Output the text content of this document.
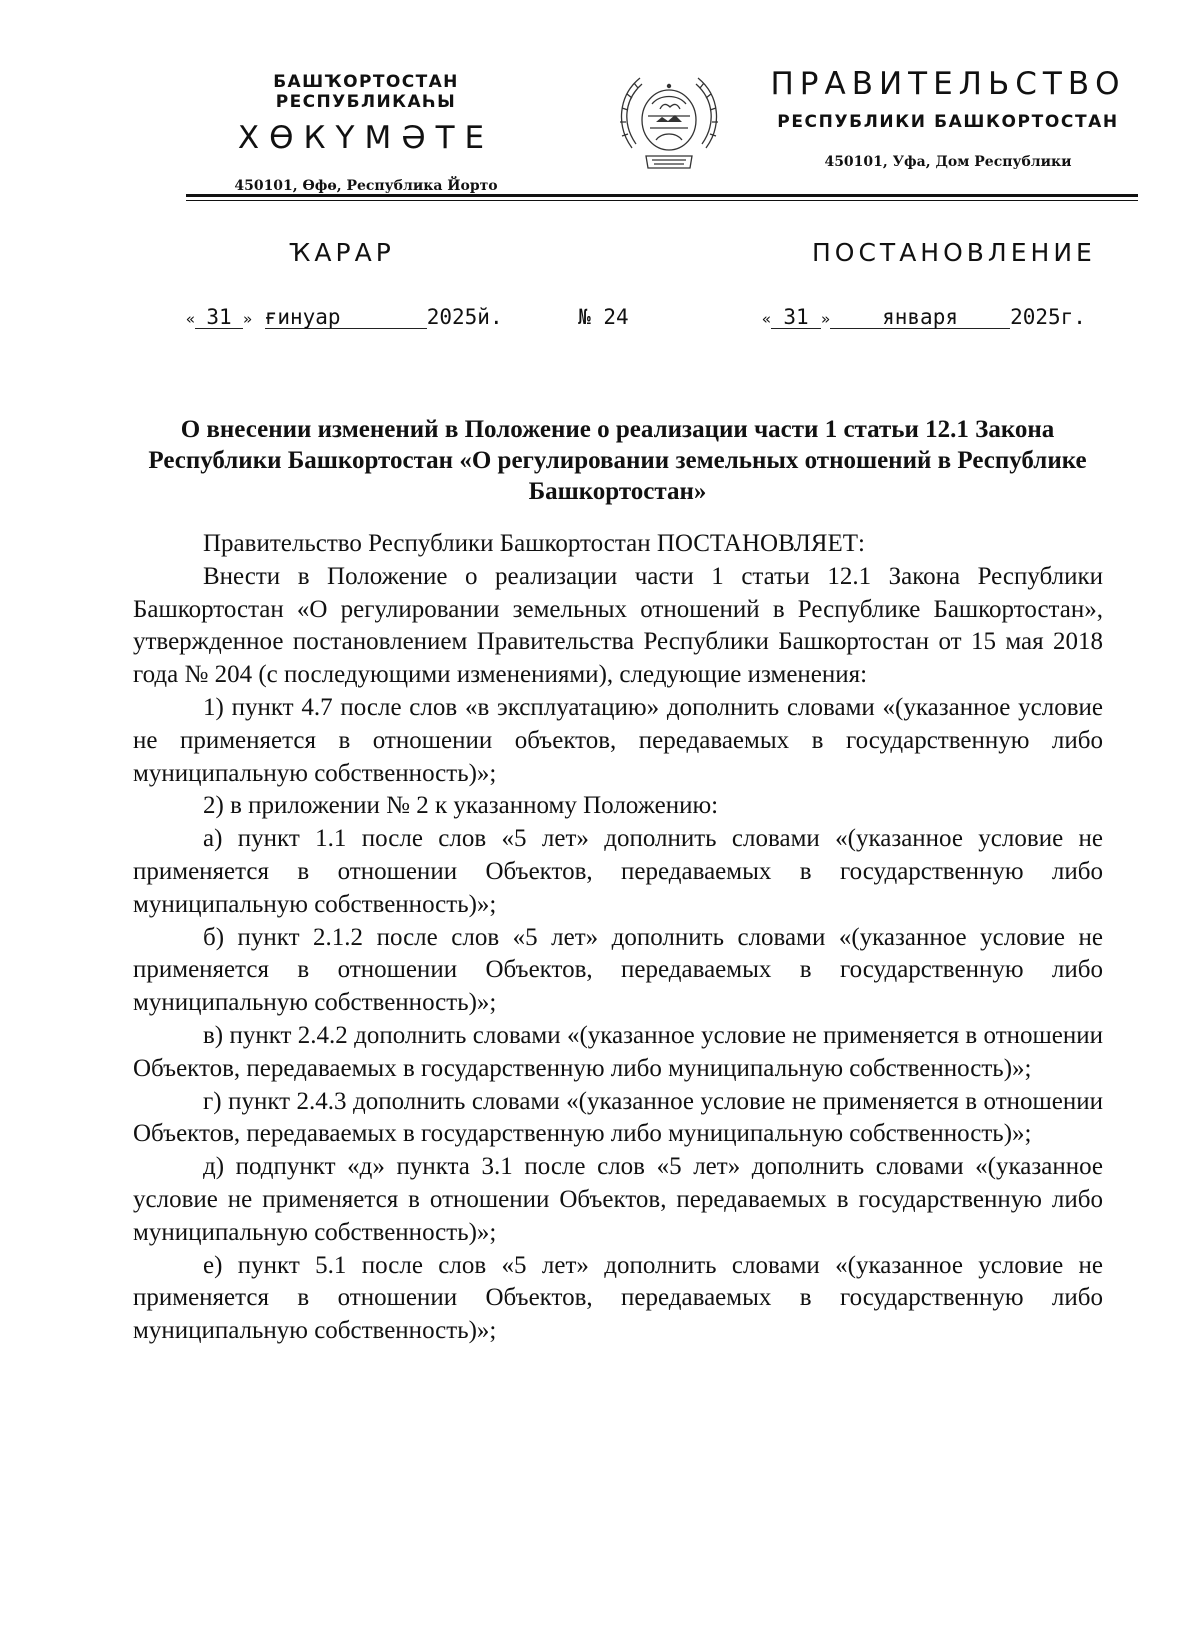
БАШҠОРТОСТАН РЕСПУБЛИКАҺЫ
ХӨКҮМӘТЕ
450101, Өфө, Республика Йорто
ПРАВИТЕЛЬСТВО
РЕСПУБЛИКИ БАШКОРТОСТАН
450101, Уфа, Дом Республики
ҠАРАР	ПОСТАНОВЛЕНИЕ
« 31 » ғинуар	2025й.	№ 24	« 31 » января 2025г.
О внесении изменений в Положение о реализации части 1 статьи 12.1 Закона Республики Башкортостан «О регулировании земельных отношений в Республике Башкортостан»

Правительство Республики Башкортостан ПОСТАНОВЛЯЕТ:

Внести в Положение о реализации части 1 статьи 12.1 Закона Республики Башкортостан «О регулировании земельных отношений в Республике Башкортостан», утвержденное постановлением Правительства Республики Башкортостан от 15 мая 2018 года № 204 (с последующими изменениями), следующие изменения:

1) пункт 4.7 после слов «в эксплуатацию» дополнить словами «(указанное условие не применяется в отношении объектов, передаваемых в государственную либо муниципальную собственность)»;

2) в приложении № 2 к указанному Положению:

а) пункт 1.1 после слов «5 лет» дополнить словами «(указанное условие не применяется в отношении Объектов, передаваемых в государственную либо муниципальную собственность)»;

б) пункт 2.1.2 после слов «5 лет» дополнить словами «(указанное условие не применяется в отношении Объектов, передаваемых в государственную либо муниципальную собственность)»;

в) пункт 2.4.2 дополнить словами «(указанное условие не применяется в отношении Объектов, передаваемых в государственную либо муниципальную собственность)»;

г) пункт 2.4.3 дополнить словами «(указанное условие не применяется в отношении Объектов, передаваемых в государственную либо муниципальную собственность)»;

д) подпункт «д» пункта 3.1 после слов «5 лет» дополнить словами «(указанное условие не применяется в отношении Объектов, передаваемых в государственную либо муниципальную собственность)»;

е) пункт 5.1 после слов «5 лет» дополнить словами «(указанное условие не применяется в отношении Объектов, передаваемых в государственную либо муниципальную собственность)»;
